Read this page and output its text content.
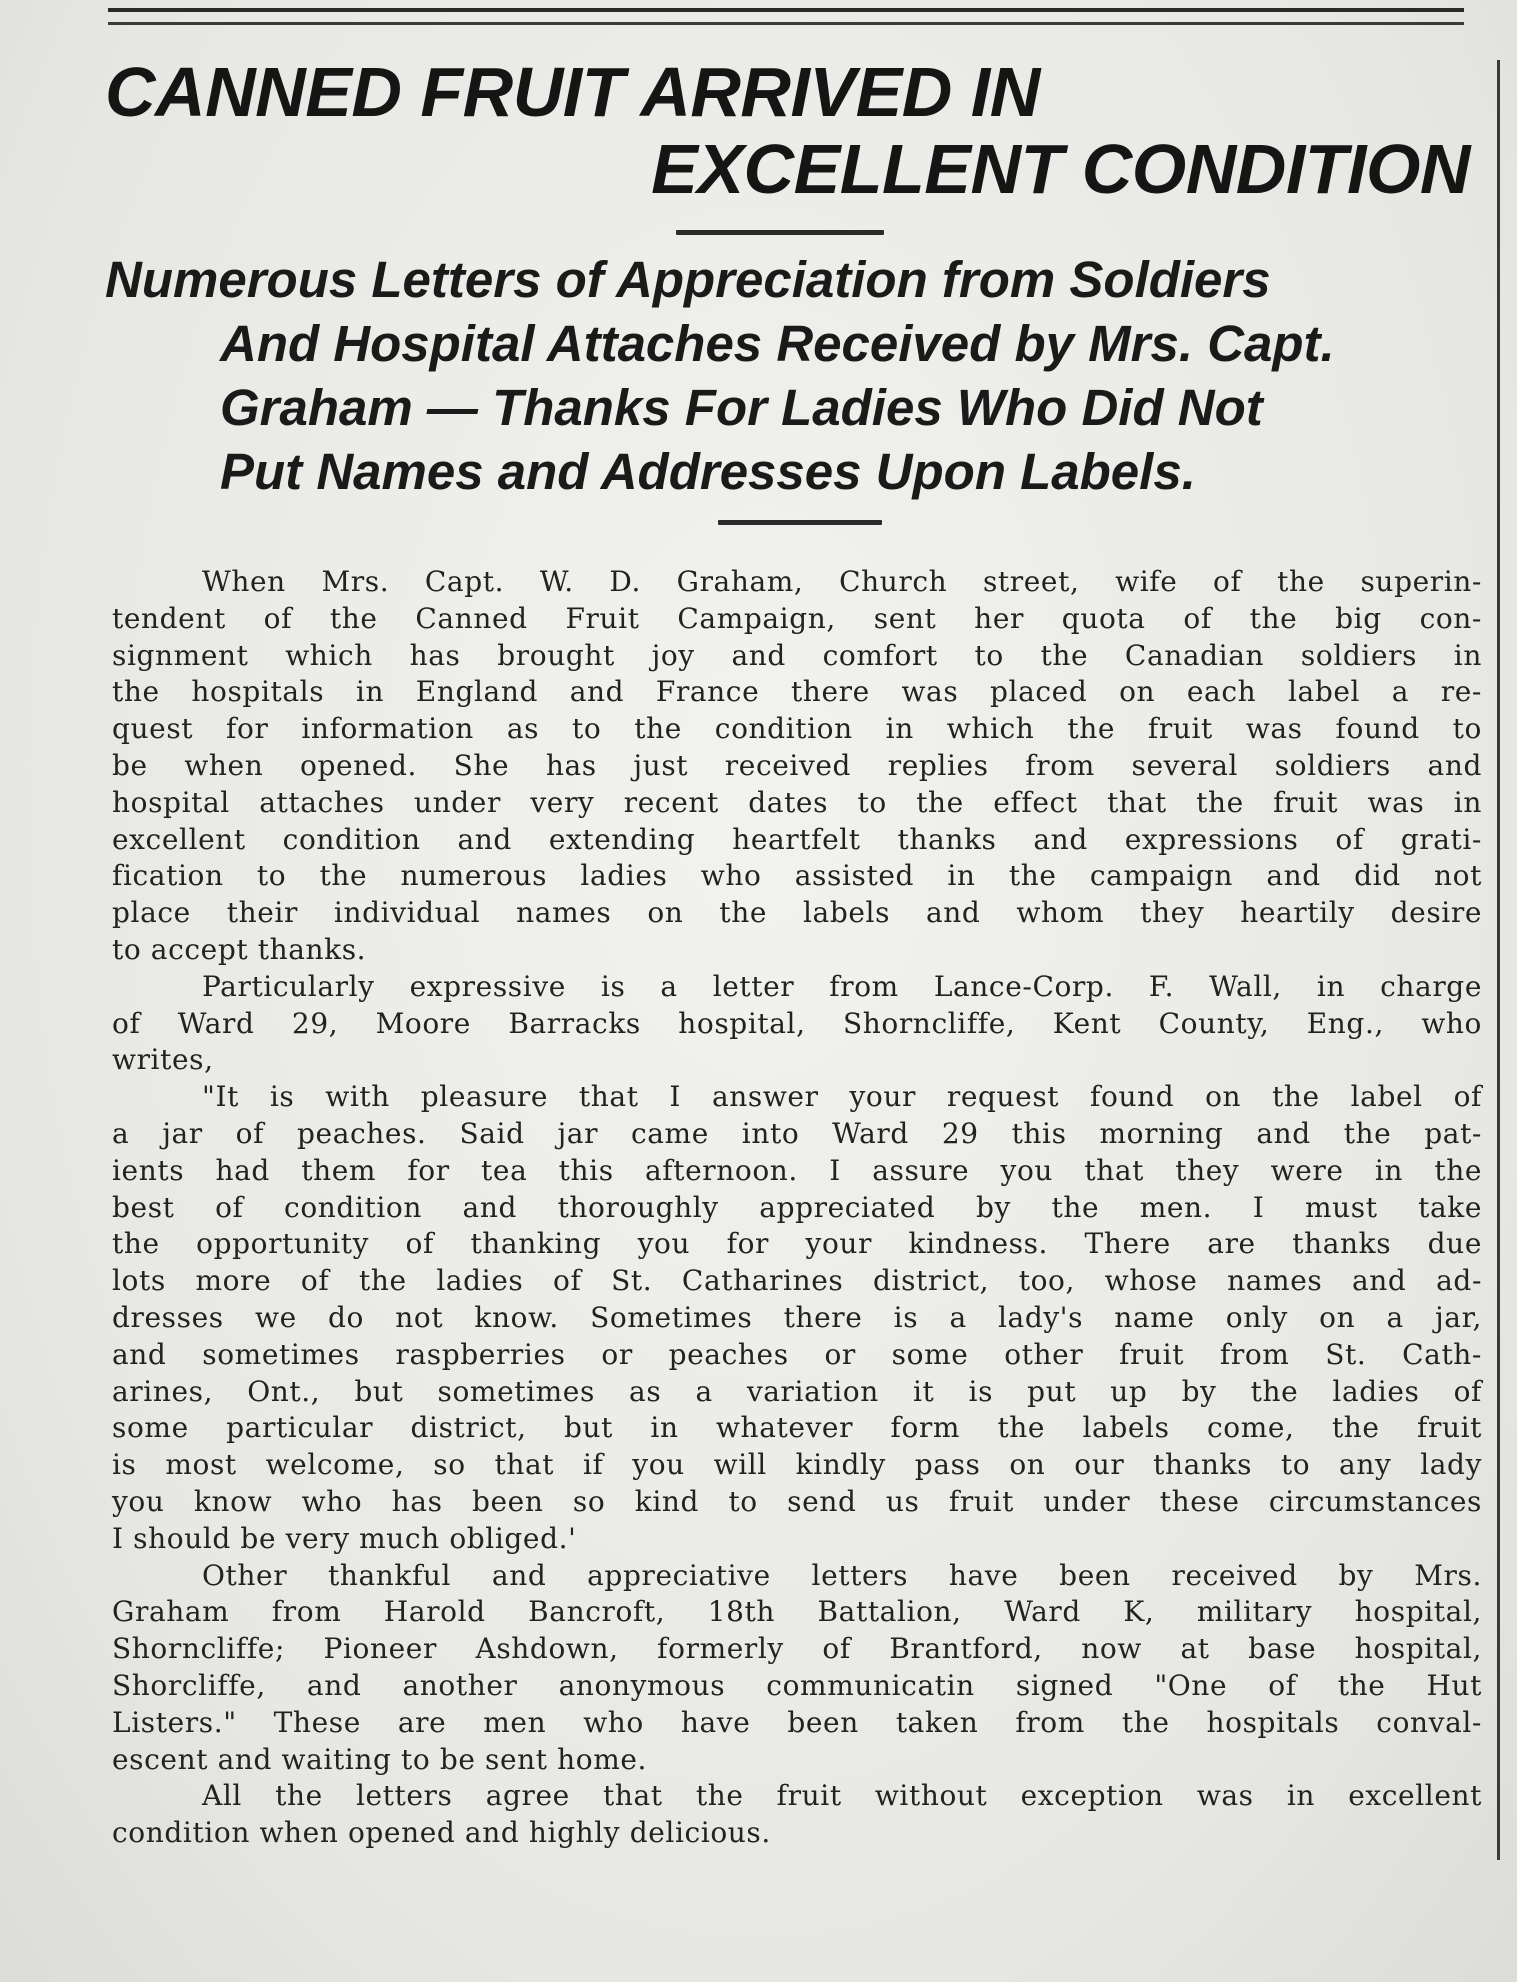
CANNED FRUIT ARRIVED IN
EXCELLENT CONDITION
Numerous Letters of Appreciation from Soldiers
And Hospital Attaches Received by Mrs. Capt.
Graham — Thanks For Ladies Who Did Not
Put Names and Addresses Upon Labels.
When Mrs. Capt. W. D. Graham, Church street, wife of the superin-
tendent of the Canned Fruit Campaign, sent her quota of the big con-
signment which has brought joy and comfort to the Canadian soldiers in
the hospitals in England and France there was placed on each label a re-
quest for information as to the condition in which the fruit was found to
be when opened. She has just received replies from several soldiers and
hospital attaches under very recent dates to the effect that the fruit was in
excellent condition and extending heartfelt thanks and expressions of grati-
fication to the numerous ladies who assisted in the campaign and did not
place their individual names on the labels and whom they heartily desire
to accept thanks.
Particularly expressive is a letter from Lance-Corp. F. Wall, in charge
of Ward 29, Moore Barracks hospital, Shorncliffe, Kent County, Eng., who
writes,
"It is with pleasure that I answer your request found on the label of
a jar of peaches. Said jar came into Ward 29 this morning and the pat-
ients had them for tea this afternoon. I assure you that they were in the
best of condition and thoroughly appreciated by the men. I must take
the opportunity of thanking you for your kindness. There are thanks due
lots more of the ladies of St. Catharines district, too, whose names and ad-
dresses we do not know. Sometimes there is a lady's name only on a jar,
and sometimes raspberries or peaches or some other fruit from St. Cath-
arines, Ont., but sometimes as a variation it is put up by the ladies of
some particular district, but in whatever form the labels come, the fruit
is most welcome, so that if you will kindly pass on our thanks to any lady
you know who has been so kind to send us fruit under these circumstances
I should be very much obliged.'
Other thankful and appreciative letters have been received by Mrs.
Graham from Harold Bancroft, 18th Battalion, Ward K, military hospital,
Shorncliffe; Pioneer Ashdown, formerly of Brantford, now at base hospital,
Shorcliffe, and another anonymous communicatin signed "One of the Hut
Listers." These are men who have been taken from the hospitals conval-
escent and waiting to be sent home.
All the letters agree that the fruit without exception was in excellent
condition when opened and highly delicious.
